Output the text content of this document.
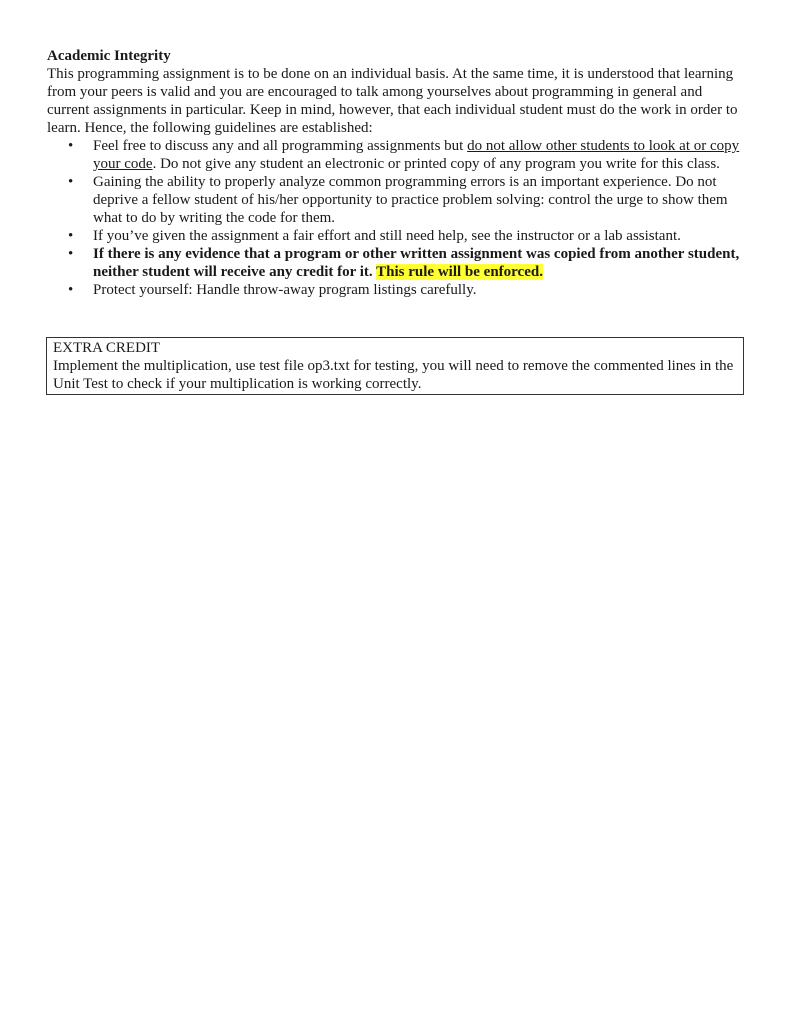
Academic Integrity

This programming assignment is to be done on an individual basis. At the same time, it is understood that learning from your peers is valid and you are encouraged to talk among yourselves about programming in general and current assignments in particular. Keep in mind, however, that each individual student must do the work in order to learn. Hence, the following guidelines are established:

• Feel free to discuss any and all programming assignments but do not allow other students to look at or copy your code. Do not give any student an electronic or printed copy of any program you write for this class.
• Gaining the ability to properly analyze common programming errors is an important experience. Do not deprive a fellow student of his/her opportunity to practice problem solving: control the urge to show them what to do by writing the code for them.
• If you’ve given the assignment a fair effort and still need help, see the instructor or a lab assistant.
• If there is any evidence that a program or other written assignment was copied from another student, neither student will receive any credit for it. This rule will be enforced.
• Protect yourself: Handle throw-away program listings carefully.

EXTRA CREDIT

Implement the multiplication, use test file op3.txt for testing, you will need to remove the commented lines in the Unit Test to check if your multiplication is working correctly.
